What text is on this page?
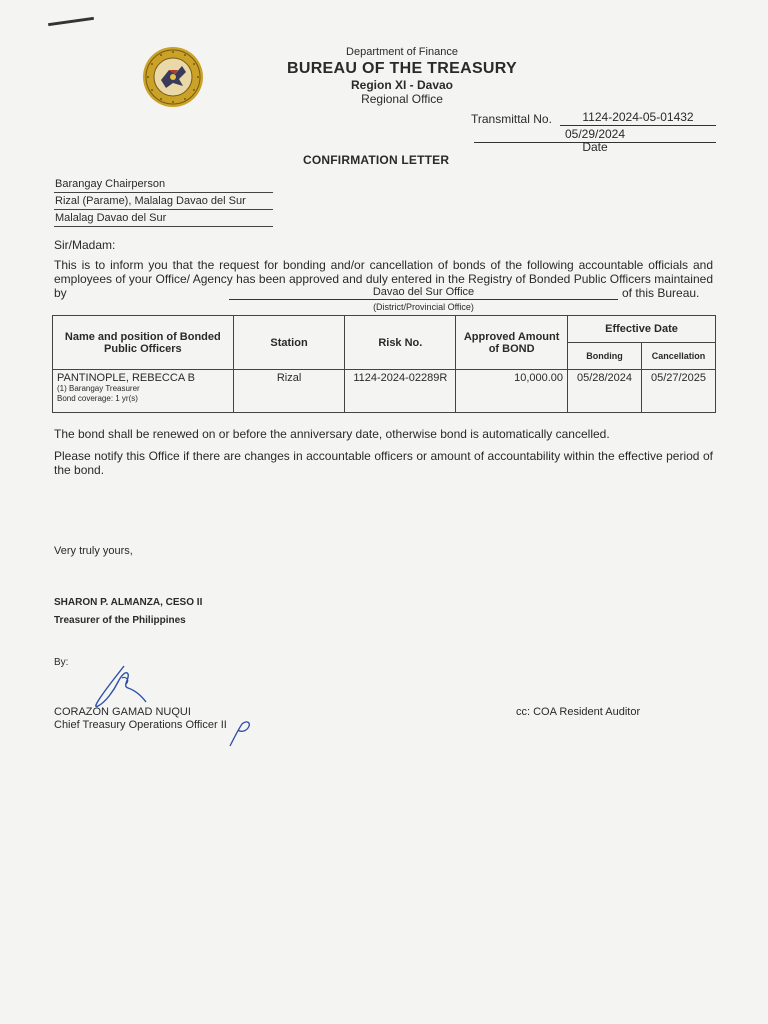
Department of Finance
BUREAU OF THE TREASURY
Region XI - Davao
Regional Office
Transmittal No.	1124-2024-05-01432
05/29/2024
Date
CONFIRMATION LETTER
Barangay Chairperson
Rizal (Parame), Malalag Davao del Sur
Malalag Davao del Sur
Sir/Madam:
This is to inform you that the request for bonding and/or cancellation of bonds of the following accountable officials and employees of your Office/ Agency has been approved and duly entered in the Registry of Bonded Public Officers maintained by	Davao del Sur Office	of this Bureau.
(District/Provincial Office)
Name and position of Bonded Public Officers	Station	Risk No.	Approved Amount of BOND	Effective Date	
				Bonding	Cancellation

PANTINOPLE, REBECCA B
(1) Barangay Treasurer
Bond coverage: 1 yr(s)	Rizal	1124-2024-02289R	10,000.00	05/28/2024	05/27/2025
The bond shall be renewed on or before the anniversary date, otherwise bond is automatically cancelled.
Please notify this Office if there are changes in accountable officers or amount of accountability within the effective period of the bond.
Very truly yours,
SHARON P. ALMANZA, CESO II
Treasurer of the Philippines
By:
CORAZON GAMAD NUQUI
Chief Treasury Operations Officer II
cc: COA Resident Auditor
